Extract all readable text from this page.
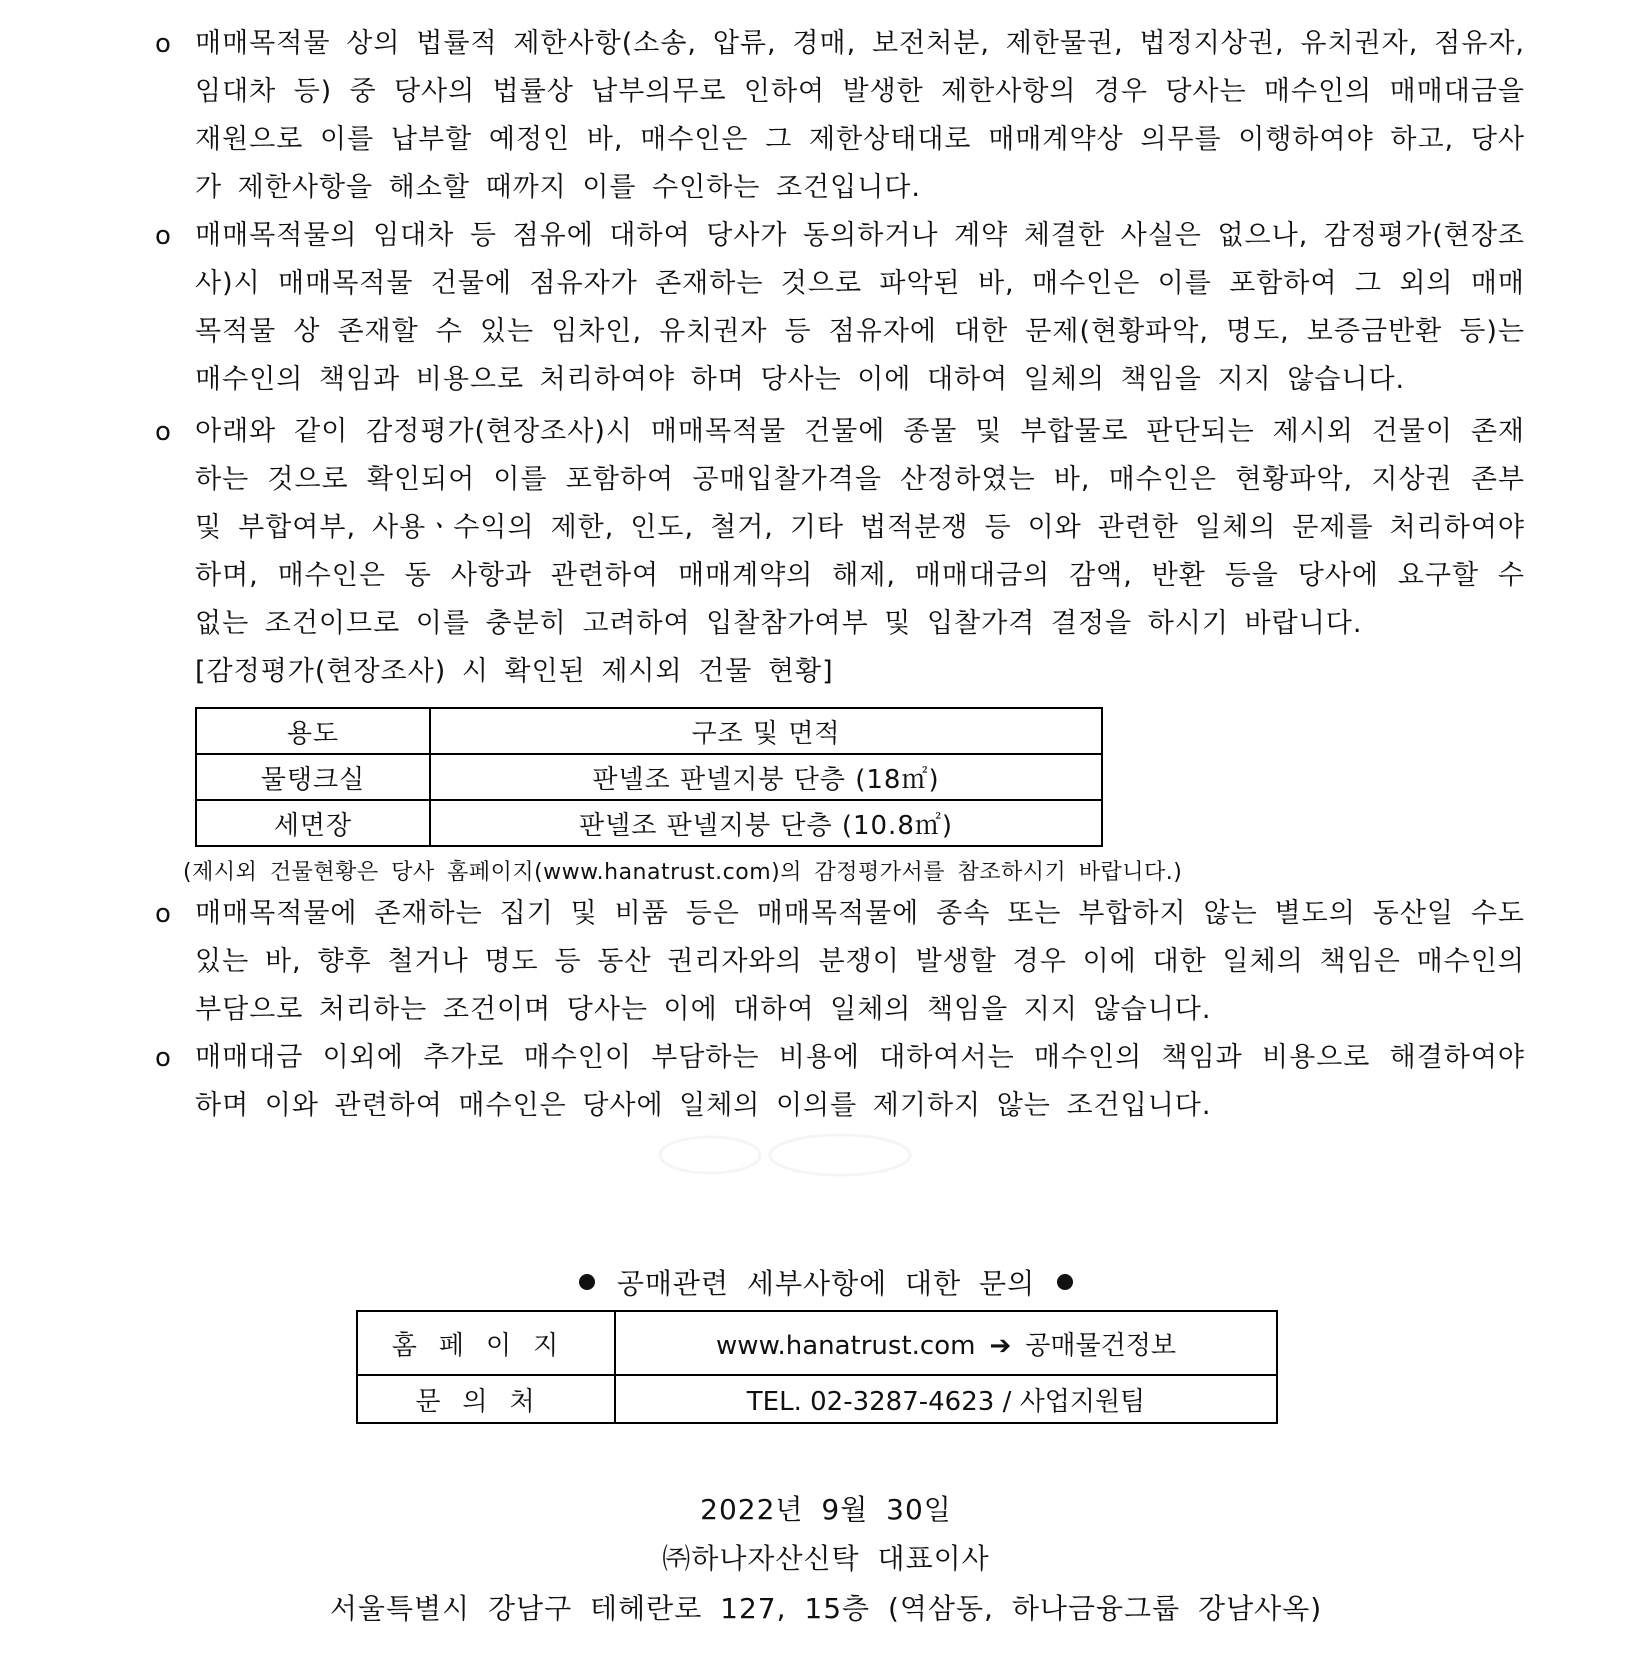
o 매매목적물 상의 법률적 제한사항(소송, 압류, 경매, 보전처분, 제한물권, 법정지상권, 유치권자, 점유자, 임대차 등) 중 당사의 법률상 납부의무로 인하여 발생한 제한사항의 경우 당사는 매수인의 매매대금을 재원으로 이를 납부할 예정인 바, 매수인은 그 제한상태대로 매매계약상 의무를 이행하여야 하고, 당사가 제한사항을 해소할 때까지 이를 수인하는 조건입니다.
o 매매목적물의 임대차 등 점유에 대하여 당사가 동의하거나 계약 체결한 사실은 없으나, 감정평가(현장조사)시 매매목적물 건물에 점유자가 존재하는 것으로 파악된 바, 매수인은 이를 포함하여 그 외의 매매목적물 상 존재할 수 있는 임차인, 유치권자 등 점유자에 대한 문제(현황파악, 명도, 보증금반환 등)는 매수인의 책임과 비용으로 처리하여야 하며 당사는 이에 대하여 일체의 책임을 지지 않습니다.
o 아래와 같이 감정평가(현장조사)시 매매목적물 건물에 종물 및 부합물로 판단되는 제시외 건물이 존재하는 것으로 확인되어 이를 포함하여 공매입찰가격을 산정하였는 바, 매수인은 현황파악, 지상권 존부 및 부합여부, 사용ㆍ수익의 제한, 인도, 철거, 기타 법적분쟁 등 이와 관련한 일체의 문제를 처리하여야 하며, 매수인은 동 사항과 관련하여 매매계약의 해제, 매매대금의 감액, 반환 등을 당사에 요구할 수 없는 조건이므로 이를 충분히 고려하여 입찰참가여부 및 입찰가격 결정을 하시기 바랍니다.
[감정평가(현장조사) 시 확인된 제시외 건물 현황]
용도	구조 및 면적
물탱크실	판넬조 판넬지붕 단층 (18㎡)
세면장	판넬조 판넬지붕 단층 (10.8㎡)
(제시외 건물현황은 당사 홈페이지(www.hanatrust.com)의 감정평가서를 참조하시기 바랍니다.)
o 매매목적물에 존재하는 집기 및 비품 등은 매매목적물에 종속 또는 부합하지 않는 별도의 동산일 수도 있는 바, 향후 철거나 명도 등 동산 권리자와의 분쟁이 발생할 경우 이에 대한 일체의 책임은 매수인의 부담으로 처리하는 조건이며 당사는 이에 대하여 일체의 책임을 지지 않습니다.
o 매매대금 이외에 추가로 매수인이 부담하는 비용에 대하여서는 매수인의 책임과 비용으로 해결하여야 하며 이와 관련하여 매수인은 당사에 일체의 이의를 제기하지 않는 조건입니다.
공매관련 세부사항에 대한 문의
홈페이지	www.hanatrust.com ➔ 공매물건정보
문의처	TEL. 02-3287-4623 / 사업지원팀
2022년 9월 30일
㈜하나자산신탁 대표이사
서울특별시 강남구 테헤란로 127, 15층 (역삼동, 하나금융그룹 강남사옥)
